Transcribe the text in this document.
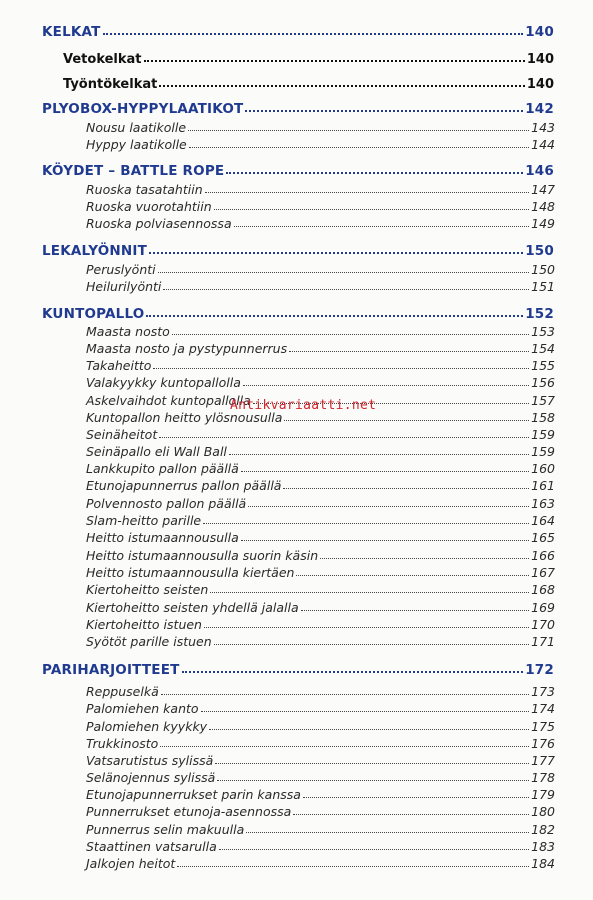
KELKAT	140
Vetokelkat	140
Työntökelkat	140
PLYOBOX-HYPPYLAATIKOT	142
Nousu laatikolle	143
Hyppy laatikolle	144
KÖYDET – BATTLE ROPE	146
Ruoska tasatahtiin	147
Ruoska vuorotahtiin	148
Ruoska polviasennossa	149
LEKALYÖNNIT	150
Peruslyönti	150
Heilurilyönti	151
KUNTOPALLO	152
Maasta nosto	153
Maasta nosto ja pystypunnerrus	154
Takaheitto	155
Valakyykky kuntopallolla	156
Askelvaihdot kuntopallolla	157
Kuntopallon heitto ylösnousulla	158
Seinäheitot	159
Seinäpallo eli Wall Ball	159
Lankkupito pallon päällä	160
Etunojapunnerrus pallon päällä	161
Polvennosto pallon päällä	163
Slam-heitto parille	164
Heitto istumaannousulla	165
Heitto istumaannousulla suorin käsin	166
Heitto istumaannousulla kiertäen	167
Kiertoheitto seisten	168
Kiertoheitto seisten yhdellä jalalla	169
Kiertoheitto istuen	170
Syötöt parille istuen	171
PARIHARJOITTEET	172
Reppuselkä	173
Palomiehen kanto	174
Palomiehen kyykky	175
Trukkinosto	176
Vatsarutistus sylissä	177
Selänojennus sylissä	178
Etunojapunnerrukset parin kanssa	179
Punnerrukset etunoja-asennossa	180
Punnerrus selin makuulla	182
Staattinen vatsarulla	183
Jalkojen heitot	184
Antikvariaatti.net
